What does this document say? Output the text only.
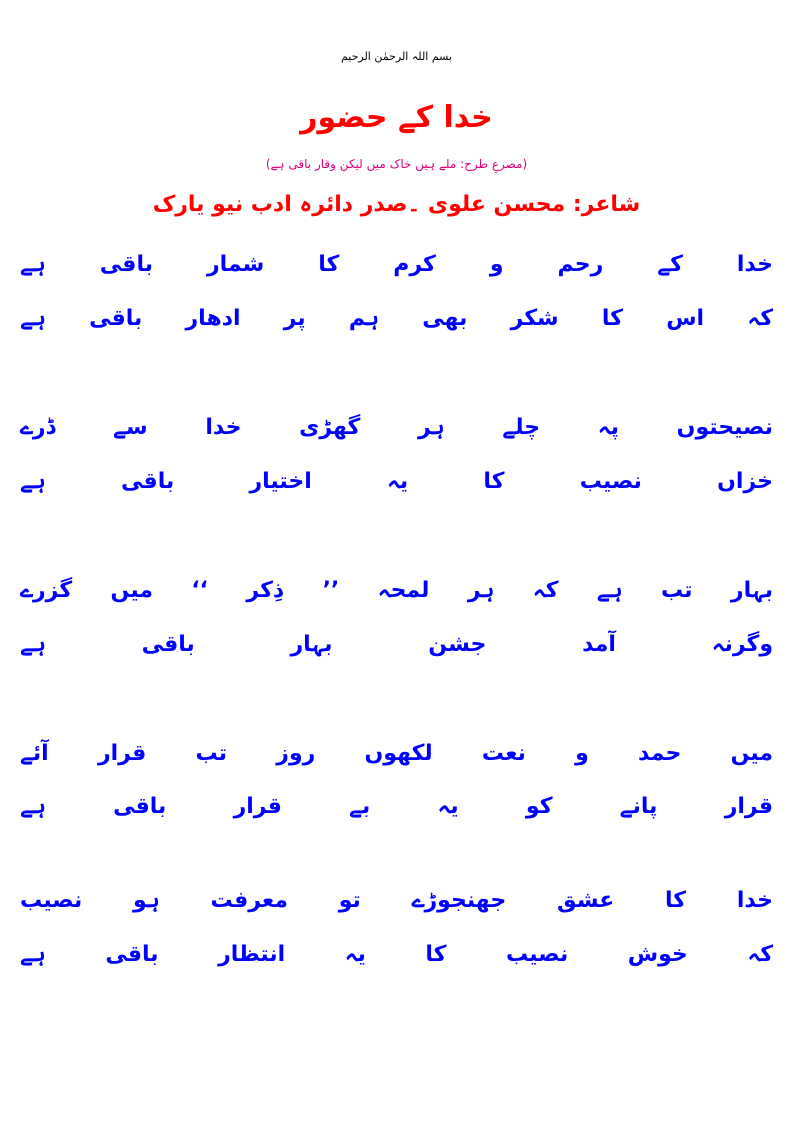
بسم اللہ الرحمٰن الرحیم
خدا کے حضور
(مصرعِ طرح: ملے ہیں خاک میں لیکن وقار باقی ہے)
شاعر: محسن علوی ۔صدر دائرہ ادب نیو یارک
خدا
کے
رحم
و
کرم
کا
شمار
باقی
ہے
کہ
اس
کا
شکر
بھی
ہم
پر
ادھار
باقی
ہے
نصیحتوں
پہ
چلے
ہر
گھڑی
خدا
سے
ڈرے
خزاں
نصیب
کا
یہ
اختیار
باقی
ہے
بہار
تب
ہے
کہ
ہر
لمحہ
’’
ذِکر
‘‘
میں
گزرے
وگرنہ
آمد
جشن
بہار
باقی
ہے
میں
حمد
و
نعت
لکھوں
روز
تب
قرار
آئے
قرار
پانے
کو
یہ
بے
قرار
باقی
ہے
خدا
کا
عشق
جھنجوڑے
تو
معرفت
ہو
نصیب
کہ
خوش
نصیب
کا
یہ
انتظار
باقی
ہے
